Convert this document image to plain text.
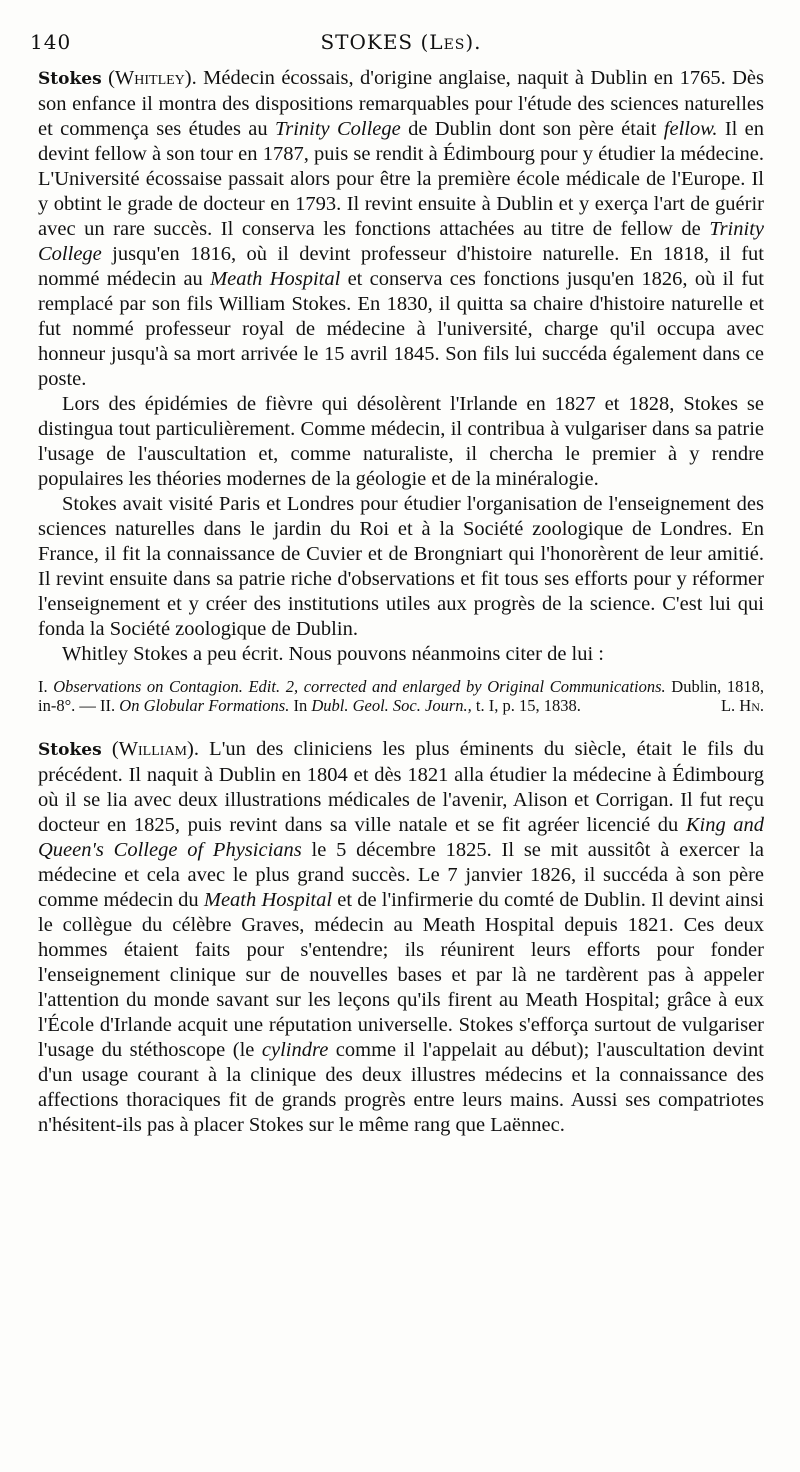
140	STOKES (Les).

Stokes (Whitley). Médecin écossais, d'origine anglaise, naquit à Dublin en 1765. Dès son enfance il montra des dispositions remarquables pour l'étude des sciences naturelles et commença ses études au Trinity College de Dublin dont son père était fellow. Il en devint fellow à son tour en 1787, puis se rendit à Édimbourg pour y étudier la médecine. L'Université écossaise passait alors pour être la première école médicale de l'Europe. Il y obtint le grade de docteur en 1793. Il revint ensuite à Dublin et y exerça l'art de guérir avec un rare succès. Il conserva les fonctions attachées au titre de fellow de Trinity College jusqu'en 1816, où il devint professeur d'histoire naturelle. En 1818, il fut nommé médecin au Meath Hospital et conserva ces fonctions jusqu'en 1826, où il fut remplacé par son fils William Stokes. En 1830, il quitta sa chaire d'histoire naturelle et fut nommé professeur royal de médecine à l'université, charge qu'il occupa avec honneur jusqu'à sa mort arrivée le 15 avril 1845. Son fils lui succéda également dans ce poste.

Lors des épidémies de fièvre qui désolèrent l'Irlande en 1827 et 1828, Stokes se distingua tout particulièrement. Comme médecin, il contribua à vulgariser dans sa patrie l'usage de l'auscultation et, comme naturaliste, il chercha le premier à y rendre populaires les théories modernes de la géologie et de la minéralogie.

Stokes avait visité Paris et Londres pour étudier l'organisation de l'enseignement des sciences naturelles dans le jardin du Roi et à la Société zoologique de Londres. En France, il fit la connaissance de Cuvier et de Brongniart qui l'honorèrent de leur amitié. Il revint ensuite dans sa patrie riche d'observations et fit tous ses efforts pour y réformer l'enseignement et y créer des institutions utiles aux progrès de la science. C'est lui qui fonda la Société zoologique de Dublin.

Whitley Stokes a peu écrit. Nous pouvons néanmoins citer de lui :

I. Observations on Contagion. Edit. 2, corrected and enlarged by Original Communications. Dublin, 1818, in-8°. — II. On Globular Formations. In Dubl. Geol. Soc. Journ., t. I, p. 15, 1838.	L. Hn.

Stokes (William). L'un des cliniciens les plus éminents du siècle, était le fils du précédent. Il naquit à Dublin en 1804 et dès 1821 alla étudier la médecine à Édimbourg où il se lia avec deux illustrations médicales de l'avenir, Alison et Corrigan. Il fut reçu docteur en 1825, puis revint dans sa ville natale et se fit agréer licencié du King and Queen's College of Physicians le 5 décembre 1825. Il se mit aussitôt à exercer la médecine et cela avec le plus grand succès. Le 7 janvier 1826, il succéda à son père comme médecin du Meath Hospital et de l'infirmerie du comté de Dublin. Il devint ainsi le collègue du célèbre Graves, médecin au Meath Hospital depuis 1821. Ces deux hommes étaient faits pour s'entendre; ils réunirent leurs efforts pour fonder l'enseignement clinique sur de nouvelles bases et par là ne tardèrent pas à appeler l'attention du monde savant sur les leçons qu'ils firent au Meath Hospital; grâce à eux l'École d'Irlande acquit une réputation universelle. Stokes s'efforça surtout de vulgariser l'usage du stéthoscope (le cylindre comme il l'appelait au début); l'auscultation devint d'un usage courant à la clinique des deux illustres médecins et la connaissance des affections thoraciques fit de grands progrès entre leurs mains. Aussi ses compatriotes n'hésitent-ils pas à placer Stokes sur le même rang que Laënnec.
